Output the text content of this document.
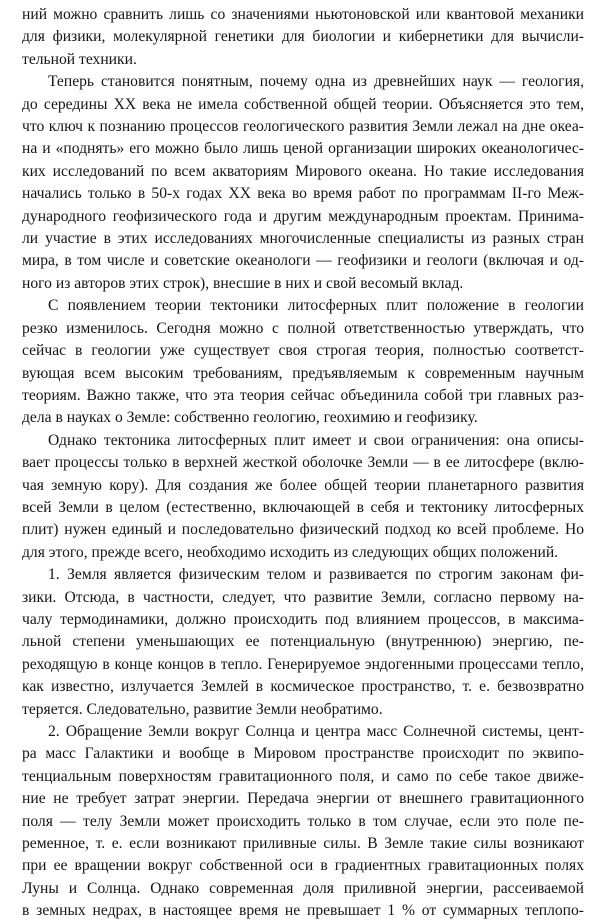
ний можно сравнить лишь со значениями ньютоновской или квантовой механики
для физики, молекулярной генетики для биологии и кибернетики для вычисли-
тельной техники.
Теперь становится понятным, почему одна из древнейших наук — геология,
до середины XX века не имела собственной общей теории. Объясняется это тем,
что ключ к познанию процессов геологического развития Земли лежал на дне океа-
на и «поднять» его можно было лишь ценой организации широких океанологичес-
ких исследований по всем акваториям Мирового океана. Но такие исследования
начались только в 50-х годах XX века во время работ по программам II-го Меж-
дународного геофизического года и другим международным проектам. Принима-
ли участие в этих исследованиях многочисленные специалисты из разных стран
мира, в том числе и советские океанологи — геофизики и геологи (включая и од-
ного из авторов этих строк), внесшие в них и свой весомый вклад.
С появлением теории тектоники литосферных плит положение в геологии
резко изменилось. Сегодня можно с полной ответственностью утверждать, что
сейчас в геологии уже существует своя строгая теория, полностью соответст-
вующая всем высоким требованиям, предъявляемым к современным научным
теориям. Важно также, что эта теория сейчас объединила собой три главных раз-
дела в науках о Земле: собственно геологию, геохимию и геофизику.
Однако тектоника литосферных плит имеет и свои ограничения: она описы-
вает процессы только в верхней жесткой оболочке Земли — в ее литосфере (вклю-
чая земную кору). Для создания же более общей теории планетарного развития
всей Земли в целом (естественно, включающей в себя и тектонику литосферных
плит) нужен единый и последовательно физический подход ко всей проблеме. Но
для этого, прежде всего, необходимо исходить из следующих общих положений.
1. Земля является физическим телом и развивается по строгим законам фи-
зики. Отсюда, в частности, следует, что развитие Земли, согласно первому на-
чалу термодинамики, должно происходить под влиянием процессов, в максима-
льной степени уменьшающих ее потенциальную (внутреннюю) энергию, пе-
реходящую в конце концов в тепло. Генерируемое эндогенными процессами тепло,
как известно, излучается Землей в космическое пространство, т. е. безвозвратно
теряется. Следовательно, развитие Земли необратимо.
2. Обращение Земли вокруг Солнца и центра масс Солнечной системы, цент-
ра масс Галактики и вообще в Мировом пространстве происходит по эквипо-
тенциальным поверхностям гравитационного поля, и само по себе такое движе-
ние не требует затрат энергии. Передача энергии от внешнего гравитационного
поля — телу Земли может происходить только в том случае, если это поле пе-
ременное, т. е. если возникают приливные силы. В Земле такие силы возникают
при ее вращении вокруг собственной оси в градиентных гравитационных полях
Луны и Солнца. Однако современная доля приливной энергии, рассеиваемой
в земных недрах, в настоящее время не превышает 1 % от суммарных теплопо-
